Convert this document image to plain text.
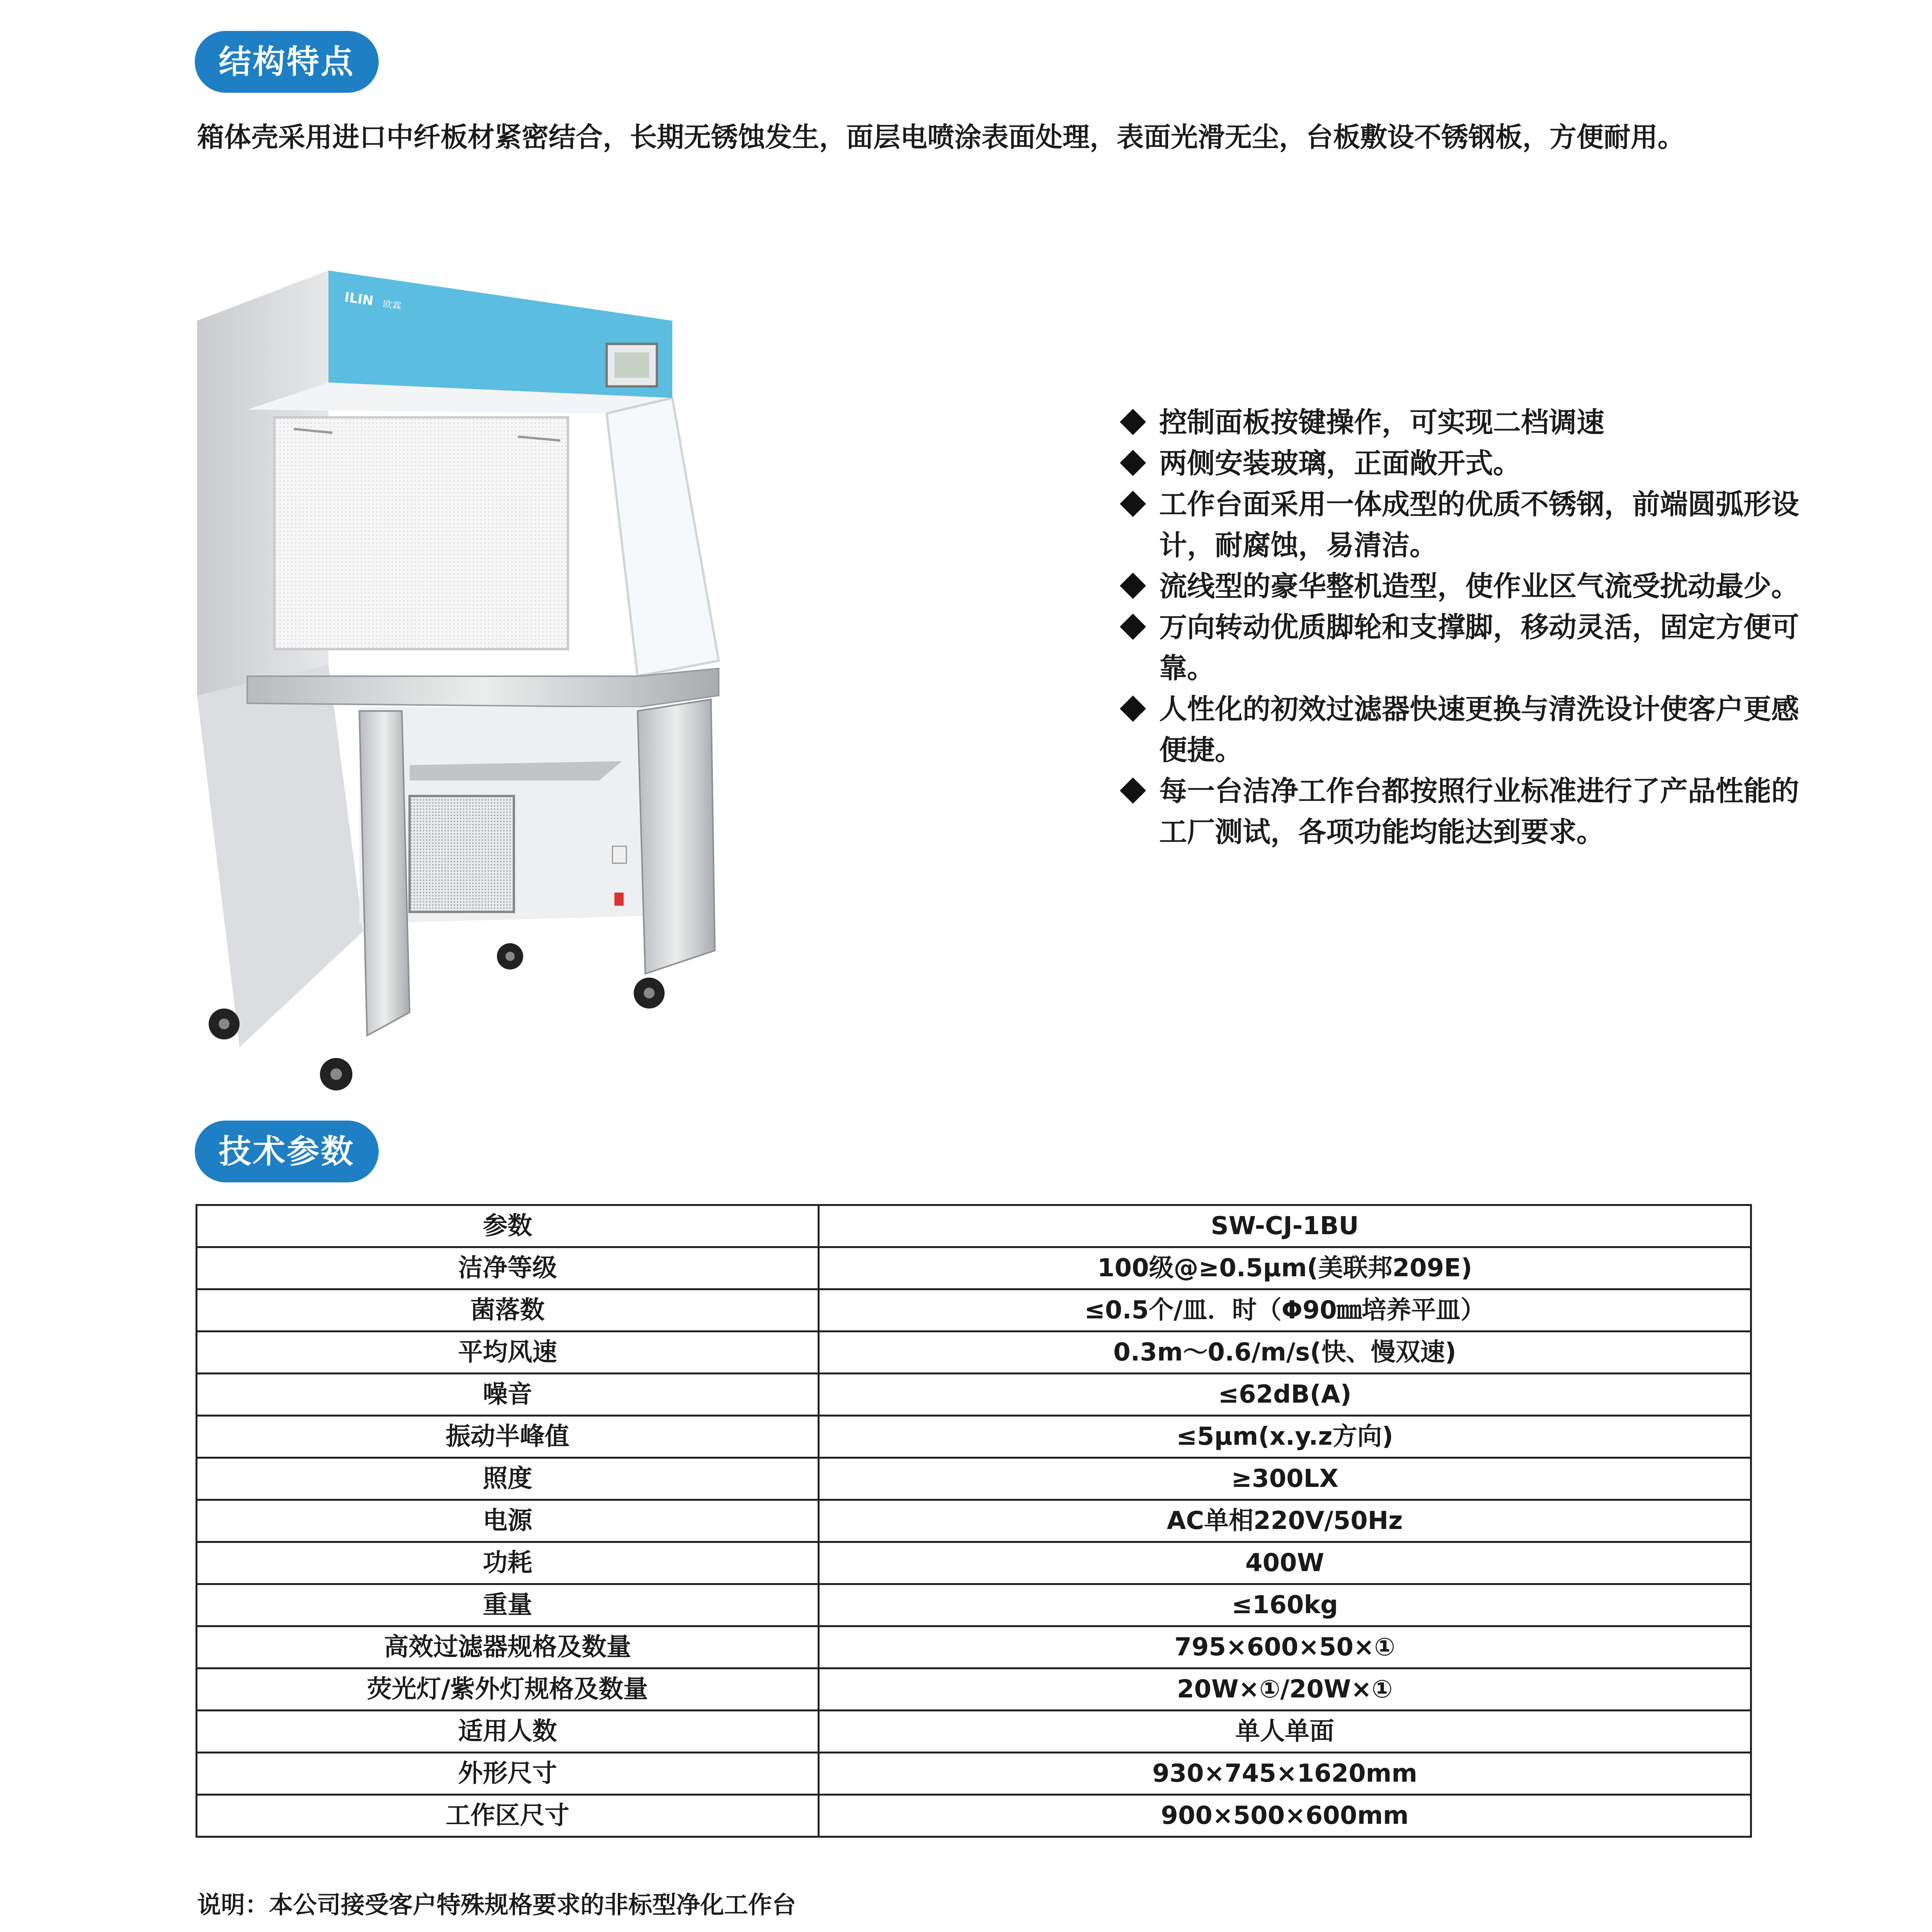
结构特点

箱体壳采用进口中纤板材紧密结合，长期无锈蚀发生，面层电喷涂表面处理，表面光滑无尘，台板敷设不锈钢板，方便耐用。

ILIN 欧霖
控制面板按键操作，可实现二档调速
两侧安装玻璃，正面敞开式。
工作台面采用一体成型的优质不锈钢，前端圆弧形设计，耐腐蚀，易清洁。
流线型的豪华整机造型，使作业区气流受扰动最少。
万向转动优质脚轮和支撑脚，移动灵活，固定方便可靠。
人性化的初效过滤器快速更换与清洗设计使客户更感便捷。
每一台洁净工作台都按照行业标准进行了产品性能的工厂测试，各项功能均能达到要求。
技术参数
参数	SW-CJ-1BU
洁净等级	100级@≥0.5μm(美联邦209E)
菌落数	≤0.5个/皿．时（Φ90㎜培养平皿）
平均风速	0.3m～0.6/m/s(快、慢双速)
噪音	≤62dB(A)
振动半峰值	≤5μm(x.y.z方向)
照度	≥300LX
电源	AC单相220V/50Hz
功耗	400W
重量	≤160kg
高效过滤器规格及数量	795×600×50×①
荧光灯/紫外灯规格及数量	20W×①/20W×①
适用人数	单人单面
外形尺寸	930×745×1620mm
工作区尺寸	900×500×600mm

说明：本公司接受客户特殊规格要求的非标型净化工作台
